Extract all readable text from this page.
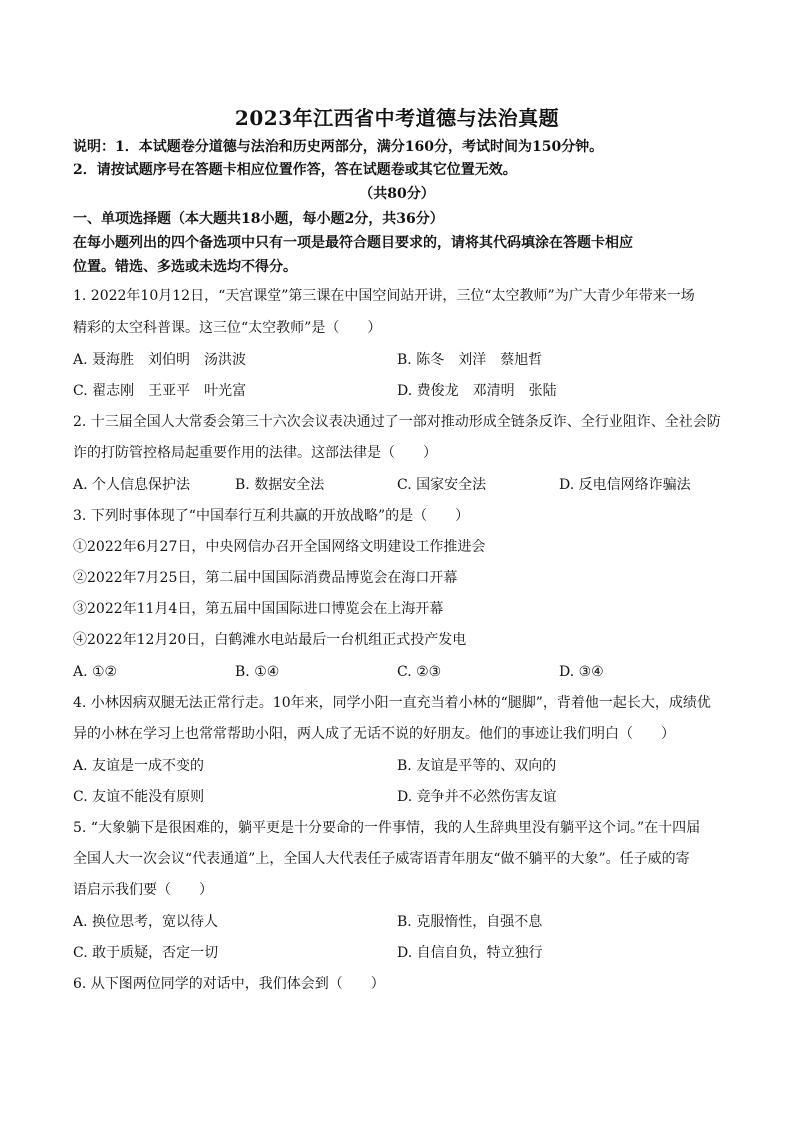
2023年江西省中考道德与法治真题
说明：1．本试题卷分道德与法治和历史两部分，满分160分，考试时间为150分钟。
2．请按试题序号在答题卡相应位置作答，答在试题卷或其它位置无效。
（共80分）
一、单项选择题（本大题共18小题，每小题2分，共36分）
在每小题列出的四个备选项中只有一项是最符合题目要求的，请将其代码填涂在答题卡相应
位置。错选、多选或未选均不得分。
1. 2022年10月12日，“天宫课堂”第三课在中国空间站开讲，三位“太空教师”为广大青少年带来一场
精彩的太空科普课。这三位“太空教师”是（　　）
A. 聂海胜　刘伯明　汤洪波	B. 陈冬　刘洋　蔡旭哲
C. 翟志刚　王亚平　叶光富	D. 费俊龙　邓清明　张陆
2. 十三届全国人大常委会第三十六次会议表决通过了一部对推动形成全链条反诈、全行业阻诈、全社会防
诈的打防管控格局起重要作用的法律。这部法律是（　　）
A. 个人信息保护法	B. 数据安全法	C. 国家安全法	D. 反电信网络诈骗法
3. 下列时事体现了“中国奉行互利共赢的开放战略”的是（　　）
①2022年6月27日，中央网信办召开全国网络文明建设工作推进会
②2022年7月25日，第二届中国国际消费品博览会在海口开幕
③2022年11月4日，第五届中国国际进口博览会在上海开幕
④2022年12月20日，白鹤滩水电站最后一台机组正式投产发电
A. ①②	B. ①④	C. ②③	D. ③④
4. 小林因病双腿无法正常行走。10年来，同学小阳一直充当着小林的“腿脚”，背着他一起长大，成绩优
异的小林在学习上也常常帮助小阳，两人成了无话不说的好朋友。他们的事迹让我们明白（　　）
A. 友谊是一成不变的	B. 友谊是平等的、双向的
C. 友谊不能没有原则	D. 竞争并不必然伤害友谊
5. “大象躺下是很困难的，躺平更是十分要命的一件事情，我的人生辞典里没有躺平这个词。”在十四届
全国人大一次会议“代表通道”上，全国人大代表任子威寄语青年朋友“做不躺平的大象”。任子威的寄
语启示我们要（　　）
A. 换位思考，宽以待人	B. 克服惰性，自强不息
C. 敢于质疑，否定一切	D. 自信自负，特立独行
6. 从下图两位同学的对话中，我们体会到（　　）
